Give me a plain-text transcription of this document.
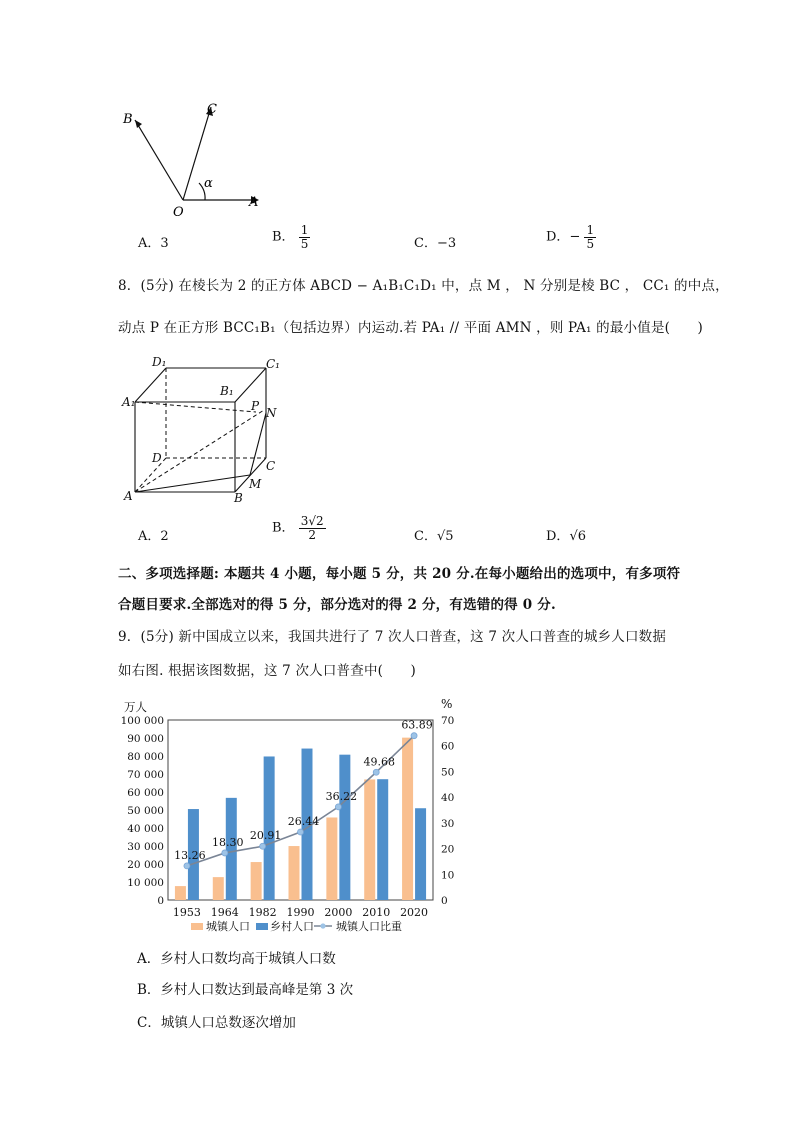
B
C
O
A
α
A．3	B． $\frac{1}{5}$	C．−3	D．− $\frac{1}{5}$
8．(5分) 在棱长为 2 的正方体 ABCD − A₁B₁C₁D₁ 中，点 M ， N 分别是棱 BC ， CC₁ 的中点，
动点 P 在正方形 BCC₁B₁（包括边界）内运动.若 PA₁ // 平面 AMN ，则 PA₁ 的最小值是(　　)
D₁	C₁
B₁
A₁	P N
D
C
A	B
M
A．2
B． $\frac{3√2}{2}$	C．√5	D．√6
二、多项选择题: 本题共 4 小题，每小题 5 分，共 20 分.在每小题给出的选项中，有多项符
合题目要求.全部选对的得 5 分，部分选对的得 2 分，有选错的得 0 分.
9．(5分) 新中国成立以来，我国共进行了 7 次人口普查，这 7 次人口普查的城乡人口数据
如右图. 根据该图数据，这 7 次人口普查中(　　)
0
10 000
20 000
30 000
40 000
50 000
60 000
70 000
80 000
90 000
100 000
0
10
20
30
40
50
60
70
万人	%
1953 1964 1982 1990 2000 2010 2020
13.26
18.30
20.91
26.44
36.22
49.68
63.89
城镇人口 乡村人口 城镇人口比重
A．乡村人口数均高于城镇人口数
B．乡村人口数达到最高峰是第 3 次
C．城镇人口总数逐次增加
